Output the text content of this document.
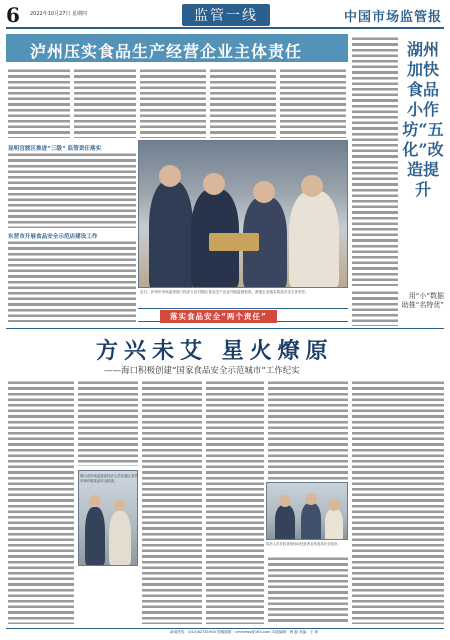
6 2022年10月27日 星期四	监管一线	中国市场监管报
泸州压实食品生产经营企业主体责任
昆明官渡区推进“三级” 监管责任落实
东营市开展食品安全示范店建设工作
近日，泸州市市场监管部门执法人员对辖区食品生产企业开展监督检查，督促企业落实食品安全主体责任。
落实食品安全“两个责任”
湖州加快食品小作坊“五化”改造提升
用“小”数据
助推“名特优”
方兴未艾 星火燎原
——海口积极创建“国家食品安全示范城市”工作纪实
海口市市场监管局执法人员在辖区农贸市场开展食品安全检查。
执法人员在检查现场向经营者宣传食品安全知识。
新闻热线：(010)82781900 投稿邮箱：cmrnews@163.com 本版编辑：韩 磊 美编：王 莉
